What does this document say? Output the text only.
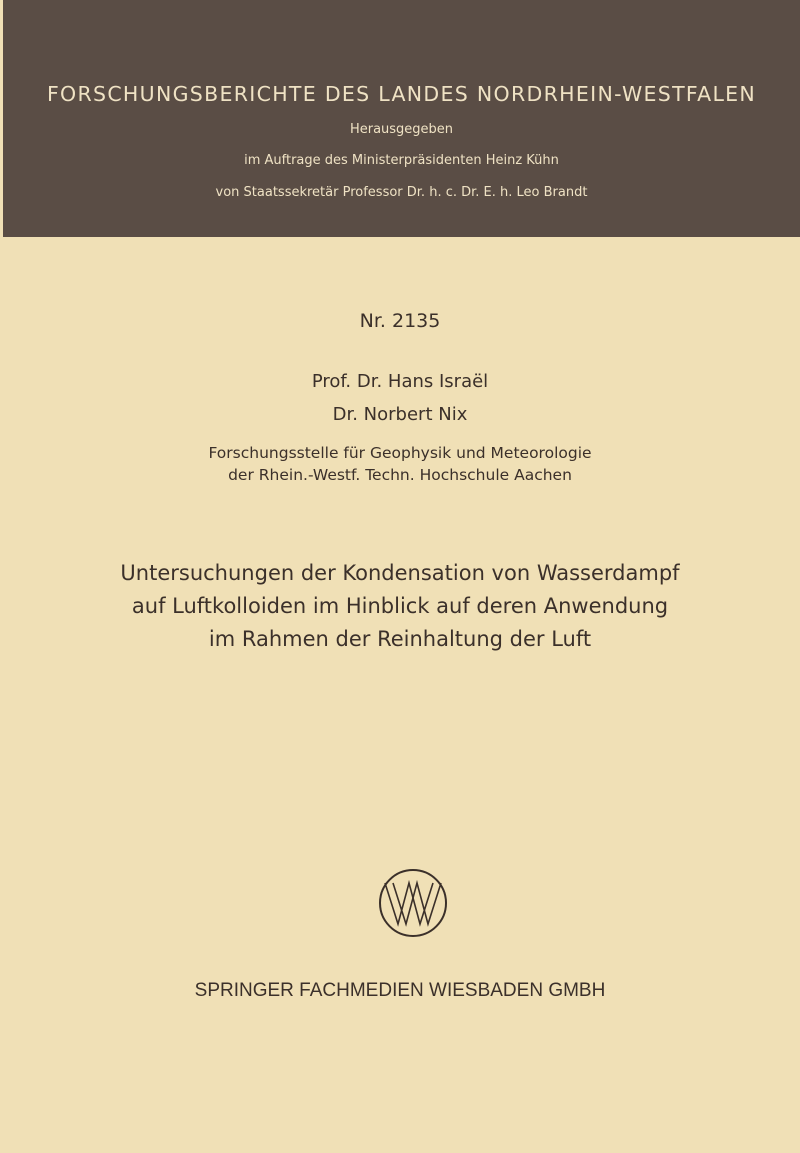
FORSCHUNGSBERICHTE DES LANDES NORDRHEIN-WESTFALEN
Herausgegeben
im Auftrage des Ministerpräsidenten Heinz Kühn
von Staatssekretär Professor Dr. h. c. Dr. E. h. Leo Brandt
Nr. 2135
Prof. Dr. Hans Israël
Dr. Norbert Nix
Forschungsstelle für Geophysik und Meteorologie
der Rhein.-Westf. Techn. Hochschule Aachen
Untersuchungen der Kondensation von Wasserdampf
auf Luftkolloiden im Hinblick auf deren Anwendung
im Rahmen der Reinhaltung der Luft
SPRINGER FACHMEDIEN WIESBADEN GMBH
